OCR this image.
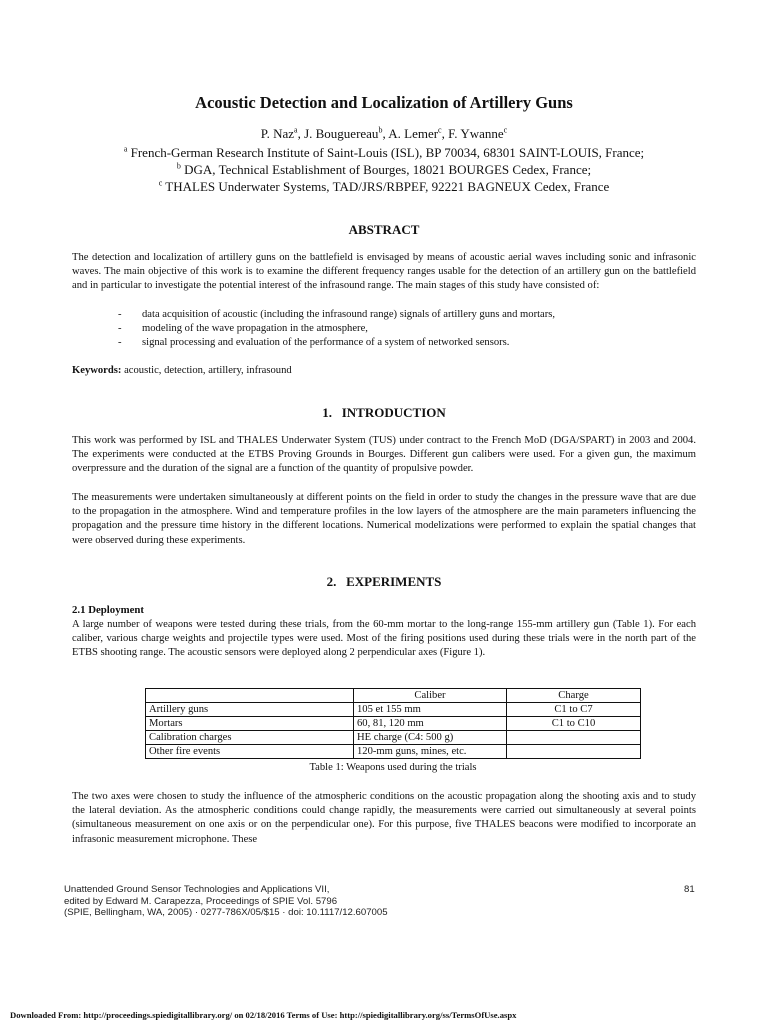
Acoustic Detection and Localization of Artillery Guns
P. Naz$^a$, J. Bouguereau$^b$, A. Lemer$^c$, F. Ywanne$^c$
$^a$ French-German Research Institute of Saint-Louis (ISL), BP 70034, 68301 SAINT-LOUIS, France;
$^b$ DGA, Technical Establishment of Bourges, 18021 BOURGES Cedex, France;
$^c$ THALES Underwater Systems, TAD/JRS/RBPEF, 92221 BAGNEUX Cedex, France
ABSTRACT
The detection and localization of artillery guns on the battlefield is envisaged by means of acoustic aerial waves including sonic and infrasonic waves. The main objective of this work is to examine the different frequency ranges usable for the detection of an artillery gun on the battlefield and in particular to investigate the potential interest of the infrasound range. The main stages of this study have consisted of:
- data acquisition of acoustic (including the infrasound range) signals of artillery guns and mortars,
- modeling of the wave propagation in the atmosphere,
- signal processing and evaluation of the performance of a system of networked sensors.
Keywords: acoustic, detection, artillery, infrasound
1.   INTRODUCTION
This work was performed by ISL and THALES Underwater System (TUS) under contract to the French MoD (DGA/SPART) in 2003 and 2004. The experiments were conducted at the ETBS Proving Grounds in Bourges. Different gun calibers were used. For a given gun, the maximum overpressure and the duration of the signal are a function of the quantity of propulsive powder.
The measurements were undertaken simultaneously at different points on the field in order to study the changes in the pressure wave that are due to the propagation in the atmosphere. Wind and temperature profiles in the low layers of the atmosphere are the main parameters influencing the propagation and the pressure time history in the different locations. Numerical modelizations were performed to explain the spatial changes that were observed during these experiments.
2.   EXPERIMENTS
2.1 Deployment
A large number of weapons were tested during these trials, from the 60-mm mortar to the long-range 155-mm artillery gun (Table 1). For each caliber, various charge weights and projectile types were used. Most of the firing positions used during these trials were in the north part of the ETBS shooting range. The acoustic sensors were deployed along 2 perpendicular axes (Figure 1).
	Caliber	Charge
Artillery guns	105 et 155 mm	C1 to C7
Mortars	60, 81, 120 mm	C1 to C10
Calibration charges	HE charge (C4: 500 g)	
Other fire events	120-mm guns, mines, etc.	
Table 1: Weapons used during the trials
The two axes were chosen to study the influence of the atmospheric conditions on the acoustic propagation along the shooting axis and to study the lateral deviation. As the atmospheric conditions could change rapidly, the measurements were carried out simultaneously at several points (simultaneous measurement on one axis or on the perpendicular one). For this purpose, five THALES beacons were modified to incorporate an infrasonic measurement microphone. These
Unattended Ground Sensor Technologies and Applications VII,
edited by Edward M. Carapezza, Proceedings of SPIE Vol. 5796
(SPIE, Bellingham, WA, 2005) · 0277-786X/05/$15 · doi: 10.1117/12.607005
81
Downloaded From: http://proceedings.spiedigitallibrary.org/ on 02/18/2016 Terms of Use: http://spiedigitallibrary.org/ss/TermsOfUse.aspx
